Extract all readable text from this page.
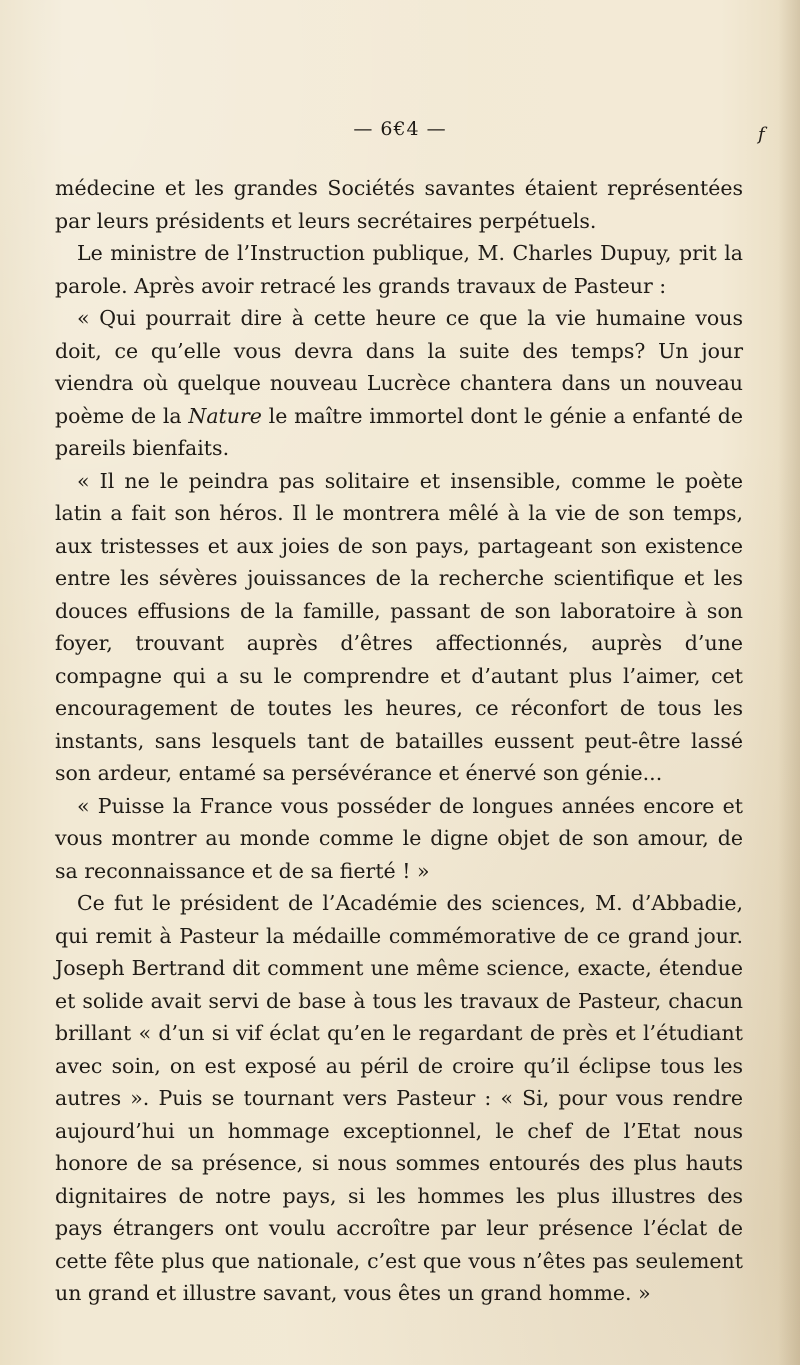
— 6€4 —	f

médecine et les grandes Sociétés savantes étaient représentées par leurs présidents et leurs secrétaires perpétuels.

Le ministre de l’Instruction publique, M. Charles Dupuy, prit la parole. Après avoir retracé les grands travaux de Pasteur :

« Qui pourrait dire à cette heure ce que la vie humaine vous doit, ce qu’elle vous devra dans la suite des temps? Un jour viendra où quelque nouveau Lucrèce chantera dans un nouveau poème de la Nature le maître immortel dont le génie a enfanté de pareils bienfaits.

« Il ne le peindra pas solitaire et insensible, comme le poète latin a fait son héros. Il le montrera mêlé à la vie de son temps, aux tristesses et aux joies de son pays, partageant son existence entre les sévères jouissances de la recherche scientifique et les douces effusions de la famille, passant de son laboratoire à son foyer, trouvant auprès d’êtres affectionnés, auprès d’une compagne qui a su le comprendre et d’autant plus l’aimer, cet encouragement de toutes les heures, ce réconfort de tous les instants, sans lesquels tant de batailles eussent peut-être lassé son ardeur, entamé sa persévérance et énervé son génie...

« Puisse la France vous posséder de longues années encore et vous montrer au monde comme le digne objet de son amour, de sa reconnaissance et de sa fierté ! »

Ce fut le président de l’Académie des sciences, M. d’Abbadie, qui remit à Pasteur la médaille commémorative de ce grand jour. Joseph Bertrand dit comment une même science, exacte, étendue et solide avait servi de base à tous les travaux de Pasteur, chacun brillant « d’un si vif éclat qu’en le regardant de près et l’étudiant avec soin, on est exposé au péril de croire qu’il éclipse tous les autres ». Puis se tournant vers Pasteur : « Si, pour vous rendre aujourd’hui un hommage exceptionnel, le chef de l’Etat nous honore de sa présence, si nous sommes entourés des plus hauts dignitaires de notre pays, si les hommes les plus illustres des pays étrangers ont voulu accroître par leur présence l’éclat de cette fête plus que nationale, c’est que vous n’êtes pas seulement un grand et illustre savant, vous êtes un grand homme. »
